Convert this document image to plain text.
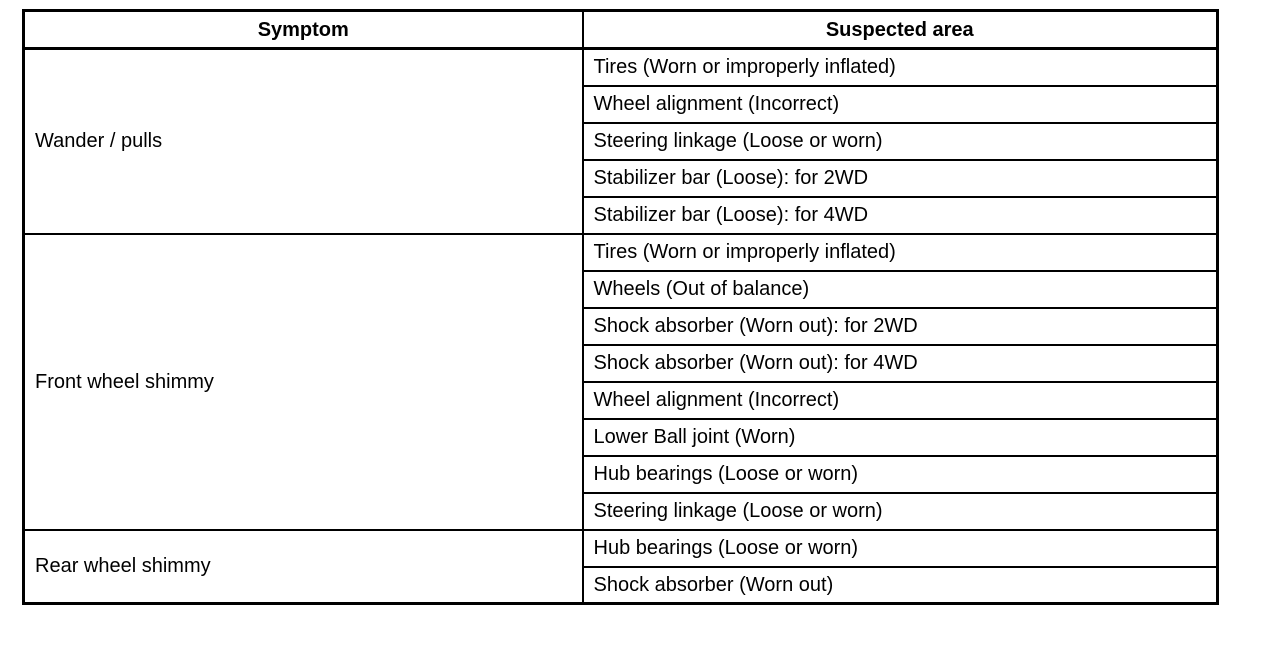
Symptom	Suspected area
Wander / pulls	Tires (Worn or improperly inflated)
	Wheel alignment (Incorrect)
	Steering linkage (Loose or worn)
	Stabilizer bar (Loose): for 2WD
	Stabilizer bar (Loose): for 4WD
Front wheel shimmy	Tires (Worn or improperly inflated)
	Wheels (Out of balance)
	Shock absorber (Worn out): for 2WD
	Shock absorber (Worn out): for 4WD
	Wheel alignment (Incorrect)
	Lower Ball joint (Worn)
	Hub bearings (Loose or worn)
	Steering linkage (Loose or worn)
Rear wheel shimmy	Hub bearings (Loose or worn)
	Shock absorber (Worn out)
